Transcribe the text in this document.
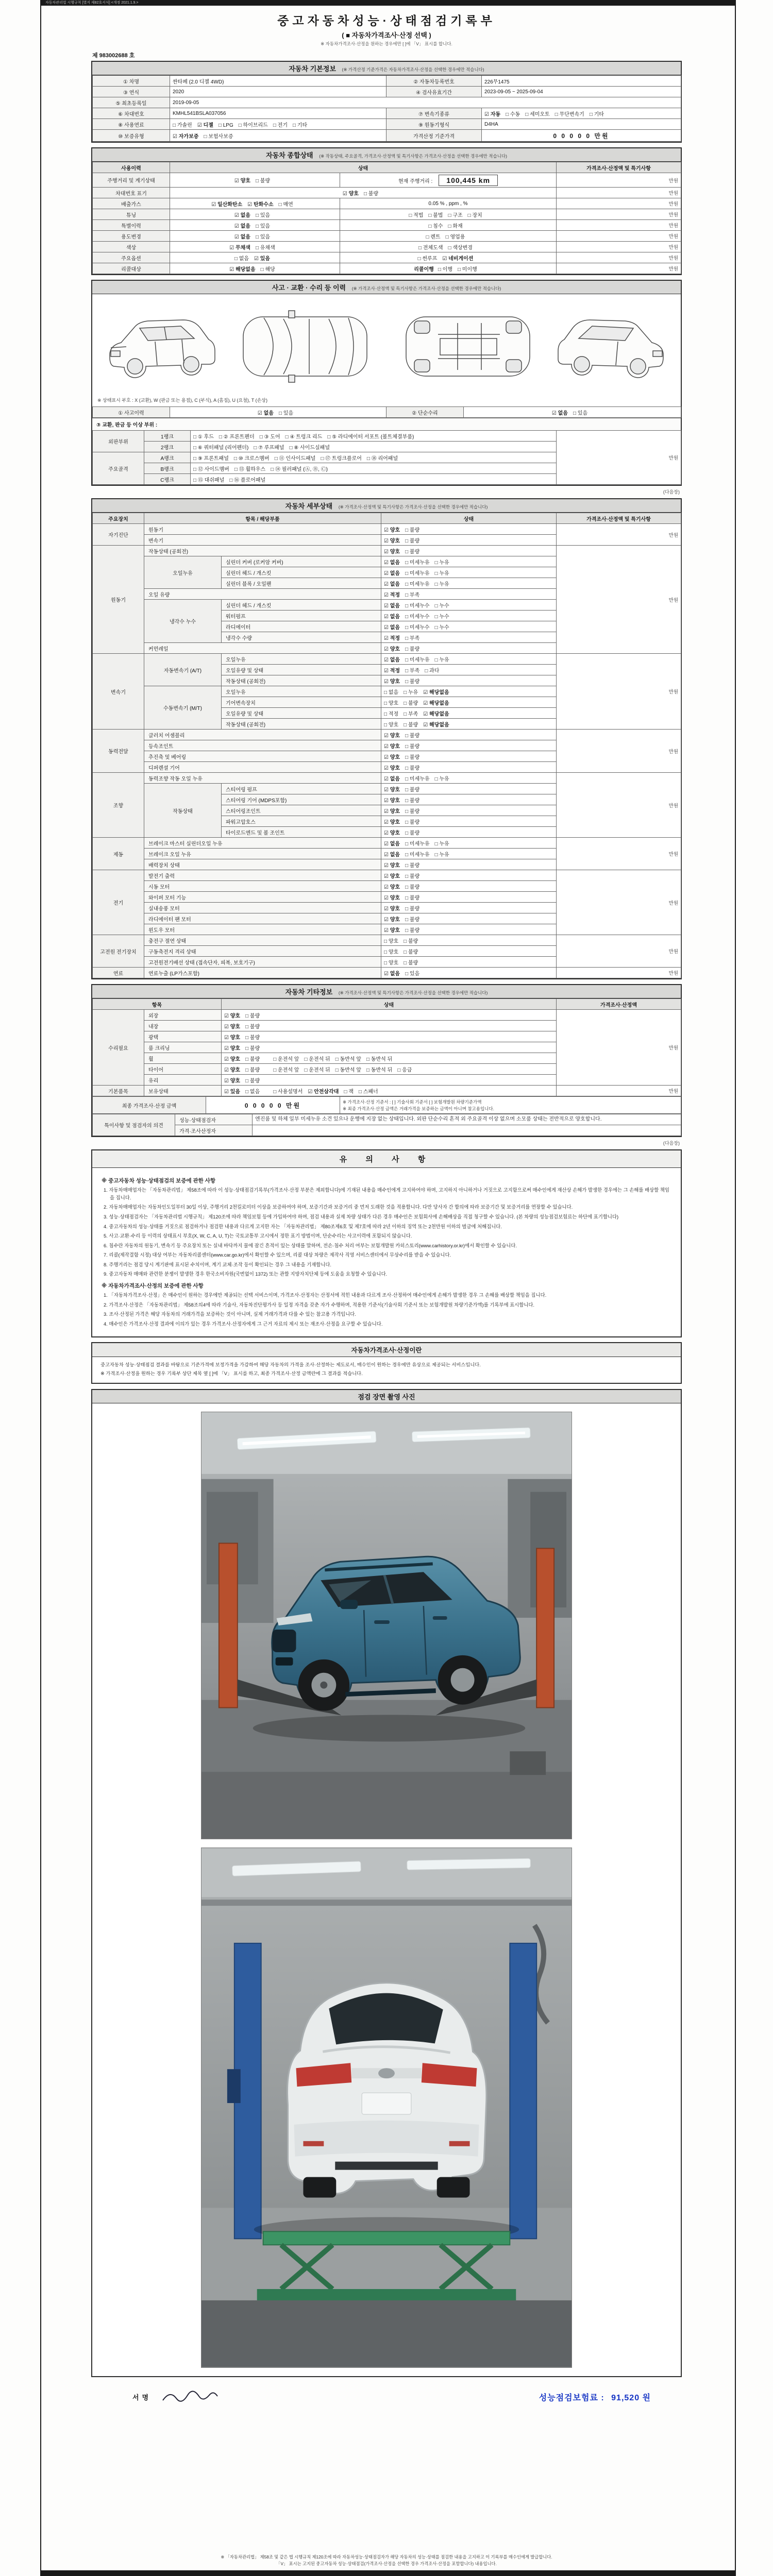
자동차관리법 시행규칙 [별지 제82호서식] <개정 2021.1.9.>
중고자동차성능·상태점검기록부
( ■ 자동차가격조사·산정 선택 )
※ 자동차가격조사·산정을 원하는 경우에만 [ ]에 「V」 표시를 합니다.
제 983002688 호
자동차 기본정보 (※ 가격산정 기준가격은 자동차가격조사·산정을 선택한 경우에만 적습니다)
① 차명	싼타페 (2.0 디젤 4WD)	② 자동차등록번호	226무1475
③ 연식	2020	④ 검사유효기간	2023-09-05 ~ 2025-09-04
⑤ 최초등록일	2019-09-05		
⑥ 차대번호	KMHL541BSLA037056	⑦ 변속기종류	☑ 자동 □ 수동 □ 세미오토 □ 무단변속기 □ 기타
⑧ 사용연료	□ 가솔린 ☑ 디젤 □ LPG □ 하이브리드 □ 전기 □ 기타	⑨ 원동기형식	D4HA
⑩ 보증유형	☑ 자가보증 □ 보험사보증	가격산정 기준가격	0 0 0 0 0 만원
자동차 종합상태 (※ 작동상태, 주요골격, 가격조사·산정액 및 특기사항은 가격조사·산정을 선택한 경우에만 적습니다)
사용이력	상태		가격조사·산정액 및 특기사항
주행거리 및 계기상태	☑ 양호 □ 불량	현재 주행거리 : 100,445 km	만원
차대번호 표기	☑ 양호 □ 불량		만원
배출가스	☑ 일산화탄소 ☑ 탄화수소 □ 매연	0.05 % , ppm , %	만원
튜닝	☑ 없음 □ 있음	□ 적법 □ 불법 □ 구조 □ 장치	만원
특별이력	☑ 없음 □ 있음	□ 침수 □ 화재	만원
용도변경	☑ 없음 □ 있음	□ 렌트 □ 영업용	만원
색상	☑ 무채색 □ 유채색	□ 전체도색 □ 색상변경	만원
주요옵션	□ 없음 ☑ 있음	□ 썬루프 ☑ 네비게이션	만원
리콜대상	☑ 해당없음 □ 해당	리콜이행 □ 이행 □ 미이행	만원
사고 · 교환 · 수리 등 이력 (※ 가격조사·산정액 및 특기사항은 가격조사·산정을 선택한 경우에만 적습니다)
※ 상태표시 부호 : X (교환), W (판금 또는 용접), C (부식), A (흠집), U (요철), T (손상)
① 사고이력	☑ 없음 □ 있음	② 단순수리	☑ 없음 □ 있음
③ 교환, 판금 등 이상 부위 :
외판부위	1랭크	□ ① 후드 □ ② 프론트펜더 □ ③ 도어 □ ④ 트렁크 리드 □ ⑤ 라디에이터 서포트 (볼트체결부품)	만원
	2랭크	□ ⑥ 쿼터패널 (리어펜더) □ ⑦ 루프패널 □ ⑧ 사이드실패널	
주요골격	A랭크	□ ⑨ 프론트패널 □ ⑩ 크로스멤버 □ ⑪ 인사이드패널 □ ⑰ 트렁크플로어 □ ⑱ 리어패널	
	B랭크	□ ⑫ 사이드멤버 □ ⑬ 휠하우스 □ ⑭ 필러패널 (Ⓐ, Ⓑ, Ⓒ)	
	C랭크	□ ⑮ 대쉬패널 □ ⑯ 플로어패널	
(다음장)
자동차 세부상태 (※ 가격조사·산정액 및 특기사항은 가격조사·산정을 선택한 경우에만 적습니다)
주요장치	항목 / 해당부품		상태	가격조사·산정액 및 특기사항
자기진단	원동기		☑ 양호 □ 불량	만원
	변속기		☑ 양호 □ 불량	
원동기	작동상태 (공회전)		☑ 양호 □ 불량	만원
	오일누유	실린더 커버 (로커암 커버)	☑ 없음 □ 미세누유 □ 누유	
		실린더 헤드 / 개스킷	☑ 없음 □ 미세누유 □ 누유	
		실린더 블록 / 오일팬	☑ 없음 □ 미세누유 □ 누유	
	오일 유량		☑ 적정 □ 부족	
	냉각수 누수	실린더 헤드 / 개스킷	☑ 없음 □ 미세누수 □ 누수	
		워터펌프	☑ 없음 □ 미세누수 □ 누수	
		라디에이터	☑ 없음 □ 미세누수 □ 누수	
		냉각수 수량	☑ 적정 □ 부족	
	커먼레일		☑ 양호 □ 불량	
변속기	자동변속기 (A/T)	오일누유	☑ 없음 □ 미세누유 □ 누유	만원
		오일유량 및 상태	☑ 적정 □ 부족 □ 과다	
		작동상태 (공회전)	☑ 양호 □ 불량	
	수동변속기 (M/T)	오일누유	□ 없음 □ 누유 ☑ 해당없음	
		기어변속장치	□ 양호 □ 불량 ☑ 해당없음	
		오일유량 및 상태	□ 적정 □ 부족 ☑ 해당없음	
		작동상태 (공회전)	□ 양호 □ 불량 ☑ 해당없음	
동력전달	클러치 어셈블리		☑ 양호 □ 불량	만원
	등속조인트		☑ 양호 □ 불량	
	추진축 및 베어링		☑ 양호 □ 불량	
	디퍼렌셜 기어		☑ 양호 □ 불량	
조향	동력조향 작동 오일 누유		☑ 없음 □ 미세누유 □ 누유	만원
	작동상태	스티어링 펌프	☑ 양호 □ 불량	
		스티어링 기어 (MDPS포함)	☑ 양호 □ 불량	
		스티어링조인트	☑ 양호 □ 불량	
		파워고압호스	☑ 양호 □ 불량	
		타이로드엔드 및 볼 조인트	☑ 양호 □ 불량	
제동	브레이크 마스터 실린더오일 누유		☑ 없음 □ 미세누유 □ 누유	만원
	브레이크 오일 누유		☑ 없음 □ 미세누유 □ 누유	
	배력장치 상태		☑ 양호 □ 불량	
전기	발전기 출력		☑ 양호 □ 불량	만원
	시동 모터		☑ 양호 □ 불량	
	와이퍼 모터 기능		☑ 양호 □ 불량	
	실내송풍 모터		☑ 양호 □ 불량	
	라디에이터 팬 모터		☑ 양호 □ 불량	
	윈도우 모터		☑ 양호 □ 불량	
고전원 전기장치	충전구 절연 상태		□ 양호 □ 불량	만원
	구동축전지 격리 상태		□ 양호 □ 불량	
	고전원전기배선 상태 (접속단자, 피복, 보호기구)		□ 양호 □ 불량	
연료	연료누출 (LP가스포함)		☑ 없음 □ 있음	만원
자동차 기타정보 (※ 가격조사·산정액 및 특기사항은 가격조사·산정을 선택한 경우에만 적습니다)
항목		상태	가격조사·산정액
수리필요	외장	☑ 양호 □ 불량	만원
	내장	☑ 양호 □ 불량	
	광택	☑ 양호 □ 불량	
	룸 크리닝	☑ 양호 □ 불량	
	휠	☑ 양호 □ 불량 □ 운전석 앞 □ 운전석 뒤 □ 동반석 앞 □ 동반석 뒤	
	타이어	☑ 양호 □ 불량 □ 운전석 앞 □ 운전석 뒤 □ 동반석 앞 □ 동반석 뒤 □ 응급	
	유리	☑ 양호 □ 불량	
기본품목	보유상태	☑ 있음 □ 없음 □ 사용설명서 ☑ 안전삼각대 □ 잭 □ 스패너	만원
최종 가격조사·산정 금액	0 0 0 0 0 만원	※ 가격조사·산정 기준서 : [ ] 기술사회 기준서 [ ] 보험개발원 차량기준가액
※ 최종 가격조사·산정 금액은 거래가격을 보증하는 금액이 아니며 참고용입니다.
특이사항 및 점검자의 의견	성능·상태점검자	엔진룸 및 하체 일부 미세누유 소견 있으나 운행에 지장 없는 상태입니다. 외판 단순수리 흔적 외 주요골격 이상 없으며 소모품 상태는 전반적으로 양호합니다.
	가격·조사산정자	
(다음장)
유 의 사 항
※ 중고자동차 성능·상태점검의 보증에 관한 사항
1. 자동차매매업자는 「자동차관리법」 제58조에 따라 이 성능·상태점검기록부(가격조사·산정 부분은 제외합니다)에 기재된 내용을 매수인에게 고지하여야 하며, 고지하지 아니하거나 거짓으로 고지함으로써 매수인에게 재산상 손해가 발생한 경우에는 그 손해를 배상할 책임을 집니다.
2. 자동차매매업자는 자동차인도일부터 30일 이상, 주행거리 2천킬로미터 이상을 보증하여야 하며, 보증기간과 보증거리 중 먼저 도래한 것을 적용합니다. 다만 당사자 간 합의에 따라 보증기간 및 보증거리를 연장할 수 있습니다.
3. 성능·상태점검자는 「자동차관리법 시행규칙」 제120조에 따라 책임보험 등에 가입하여야 하며, 점검 내용과 실제 차량 상태가 다른 경우 매수인은 보험회사에 손해배상을 직접 청구할 수 있습니다. (본 차량의 성능점검보험료는 하단에 표기합니다)
4. 중고자동차의 성능·상태를 거짓으로 점검하거나 점검한 내용과 다르게 고지한 자는 「자동차관리법」 제80조제6호 및 제7호에 따라 2년 이하의 징역 또는 2천만원 이하의 벌금에 처해집니다.
5. 사고·교환·수리 등 이력의 상태표시 부호(X, W, C, A, U, T)는 국토교통부 고시에서 정한 표기 방법이며, 단순수리는 사고이력에 포함되지 않습니다.
6. 침수란 자동차의 원동기, 변속기 등 주요장치 또는 실내 바닥까지 물에 잠긴 흔적이 있는 상태를 말하며, 전손·침수 처리 여부는 보험개발원 카히스토리(www.carhistory.or.kr)에서 확인할 수 있습니다.
7. 리콜(제작결함 시정) 대상 여부는 자동차리콜센터(www.car.go.kr)에서 확인할 수 있으며, 리콜 대상 차량은 제작사 직영 서비스센터에서 무상수리를 받을 수 있습니다.
8. 주행거리는 점검 당시 계기판에 표시된 수치이며, 계기 교체·조작 등이 확인되는 경우 그 내용을 기재합니다.
9. 중고자동차 매매와 관련한 분쟁이 발생한 경우 한국소비자원(국번없이 1372) 또는 관할 지방자치단체 등에 도움을 요청할 수 있습니다.
※ 자동차가격조사·산정의 보증에 관한 사항
1. 「자동차가격조사·산정」은 매수인이 원하는 경우에만 제공되는 선택 서비스이며, 가격조사·산정자는 산정서에 적힌 내용과 다르게 조사·산정하여 매수인에게 손해가 발생한 경우 그 손해를 배상할 책임을 집니다.
2. 가격조사·산정은 「자동차관리법」 제58조의4에 따라 기술사, 자동차진단평가사 등 일정 자격을 갖춘 자가 수행하며, 적용한 기준서(기술사회 기준서 또는 보험개발원 차량기준가액)를 기록부에 표시합니다.
3. 조사·산정된 가격은 해당 자동차의 거래가격을 보증하는 것이 아니며, 실제 거래가격과 다를 수 있는 참고용 가격입니다.
4. 매수인은 가격조사·산정 결과에 이의가 있는 경우 가격조사·산정자에게 그 근거 자료의 제시 또는 재조사·산정을 요구할 수 있습니다.
자동차가격조사·산정이란
중고자동차 성능·상태점검 결과를 바탕으로 기준가격에 보정가격을 가감하여 해당 자동차의 가격을 조사·산정하는 제도로서, 매수인이 원하는 경우에만 유상으로 제공되는 서비스입니다.
※ 가격조사·산정을 원하는 경우 기록부 상단 제목 옆 [ ]에 「V」 표시를 하고, 최종 가격조사·산정 금액란에 그 결과를 적습니다.
점검 장면 촬영 사진
서명	성능점검보험료 : 91,520 원
※ 「자동차관리법」 제58조 및 같은 법 시행규칙 제120조에 따라 자동차성능·상태점검자가 해당 자동차의 성능·상태를 점검한 내용을 고지하고 이 기록부를 매수인에게 발급합니다.
「V」 표시는 고지된 중고자동차 성능·상태점검(가격조사·산정을 선택한 경우 가격조사·산정을 포함합니다) 내용입니다.
